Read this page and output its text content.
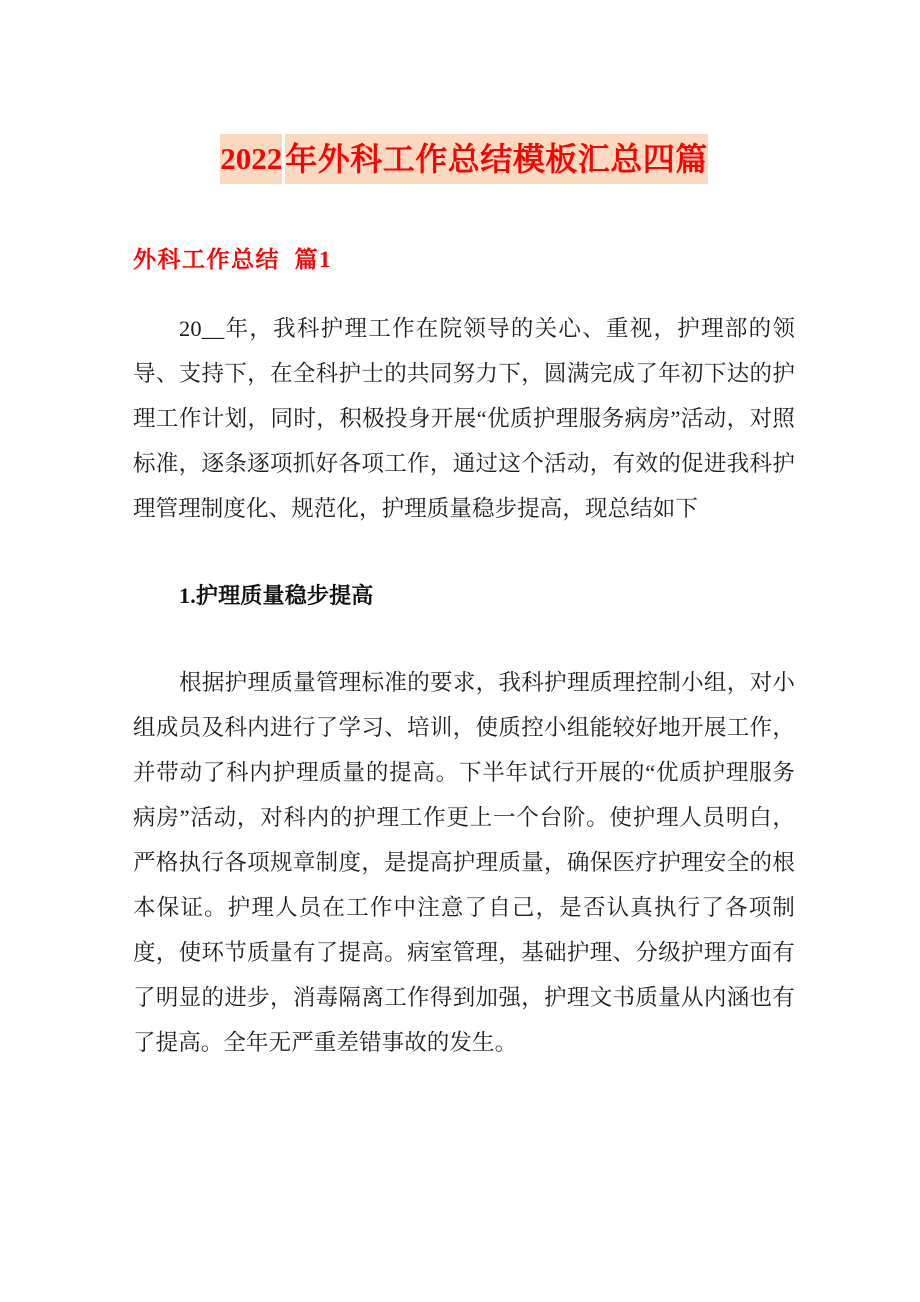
2022年外科工作总结模板汇总四篇
外科工作总结  篇1

20__年，我科护理工作在院领导的关心、重视，护理部的领导、支持下，在全科护士的共同努力下，圆满完成了年初下达的护理工作计划，同时，积极投身开展“优质护理服务病房”活动，对照标准，逐条逐项抓好各项工作，通过这个活动，有效的促进我科护理管理制度化、规范化，护理质量稳步提高，现总结如下

1.护理质量稳步提高

根据护理质量管理标准的要求，我科护理质理控制小组，对小组成员及科内进行了学习、培训，使质控小组能较好地开展工作，并带动了科内护理质量的提高。下半年试行开展的“优质护理服务病房”活动，对科内的护理工作更上一个台阶。使护理人员明白，严格执行各项规章制度，是提高护理质量，确保医疗护理安全的根本保证。护理人员在工作中注意了自己，是否认真执行了各项制度，使环节质量有了提高。病室管理，基础护理、分级护理方面有了明显的进步，消毒隔离工作得到加强，护理文书质量从内涵也有了提高。全年无严重差错事故的发生。
